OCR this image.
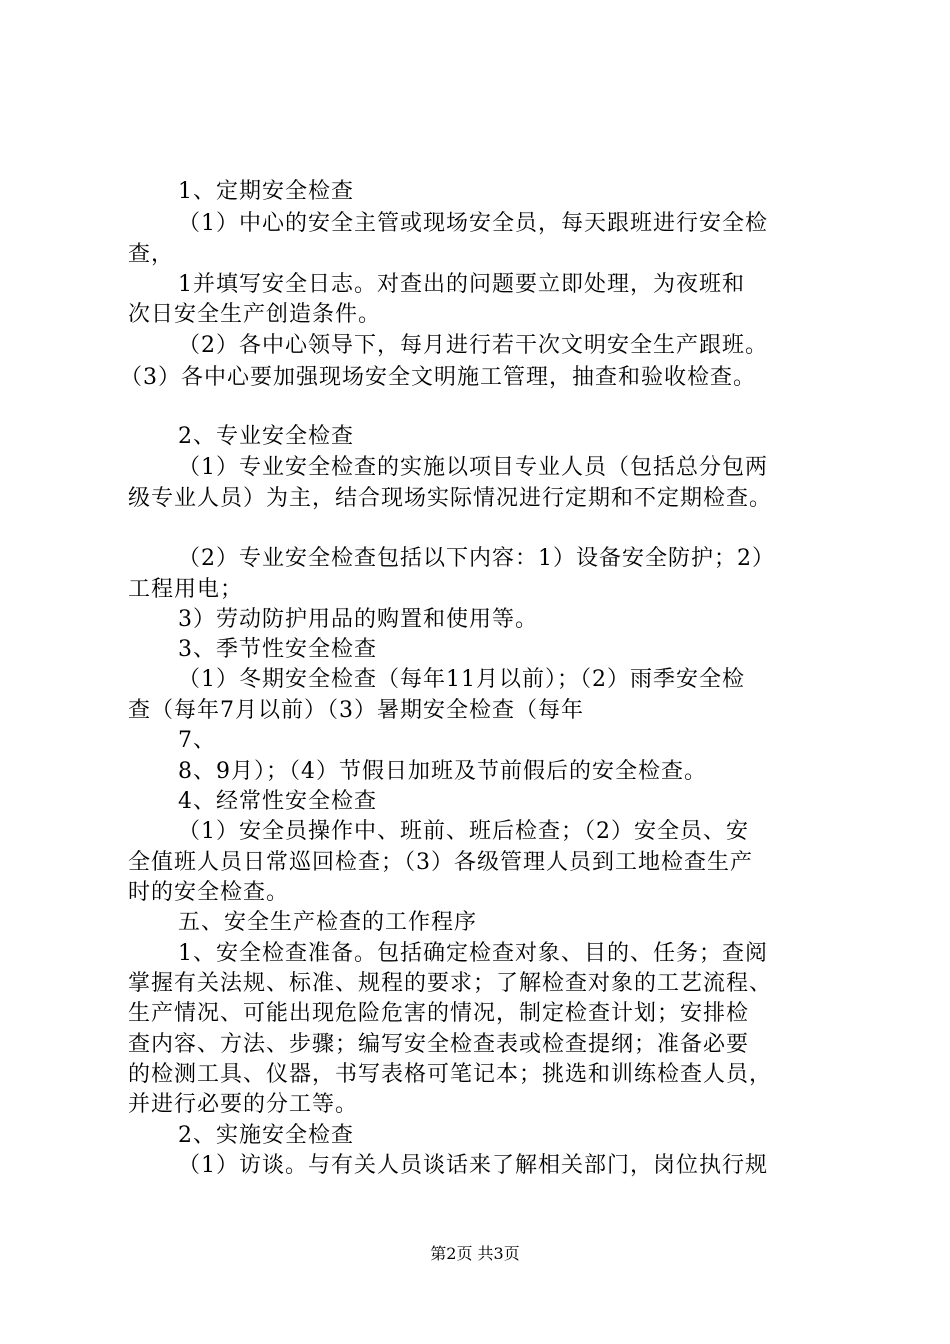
1、定期安全检查
（1）中心的安全主管或现场安全员，每天跟班进行安全检
查，
1并填写安全日志。对查出的问题要立即处理，为夜班和
次日安全生产创造条件。
（2）各中心领导下，每月进行若干次文明安全生产跟班。
（3）各中心要加强现场安全文明施工管理，抽查和验收检查。
2、专业安全检查
（1）专业安全检查的实施以项目专业人员（包括总分包两
级专业人员）为主，结合现场实际情况进行定期和不定期检查。
（2）专业安全检查包括以下内容：1）设备安全防护；2）
工程用电；
3）劳动防护用品的购置和使用等。
3、季节性安全检查
（1）冬期安全检查（每年11月以前）；（2）雨季安全检
查（每年7月以前）（3）暑期安全检查（每年
7、
8、9月）；（4）节假日加班及节前假后的安全检查。
4、经常性安全检查
（1）安全员操作中、班前、班后检查；（2）安全员、安
全值班人员日常巡回检查；（3）各级管理人员到工地检查生产
时的安全检查。
五、安全生产检查的工作程序
1、安全检查准备。包括确定检查对象、目的、任务；查阅
掌握有关法规、标准、规程的要求；了解检查对象的工艺流程、
生产情况、可能出现危险危害的情况，制定检查计划；安排检
查内容、方法、步骤；编写安全检查表或检查提纲；准备必要
的检测工具、仪器，书写表格可笔记本；挑选和训练检查人员，
并进行必要的分工等。
2、实施安全检查
（1）访谈。与有关人员谈话来了解相关部门，岗位执行规
第2页 共3页
